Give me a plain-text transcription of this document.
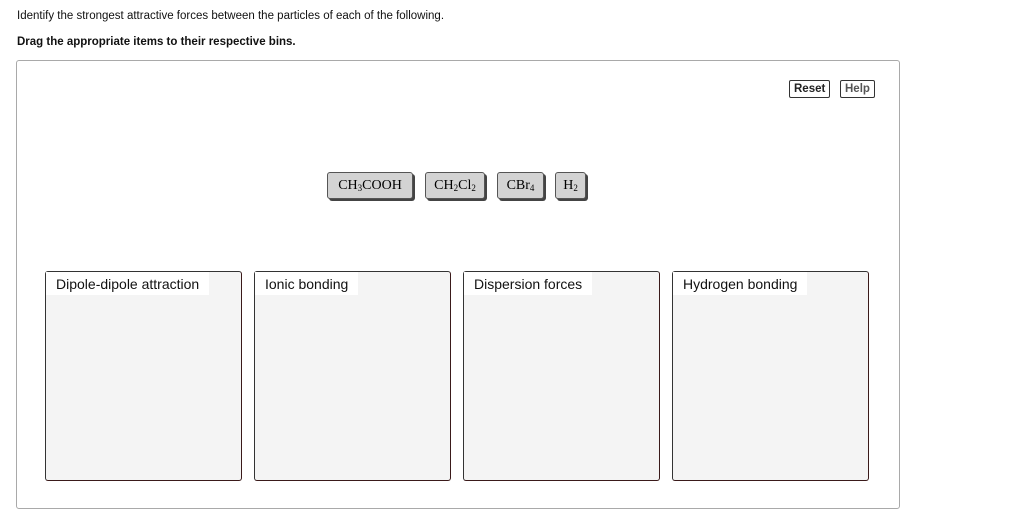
Identify the strongest attractive forces between the particles of each of the following.
Drag the appropriate items to their respective bins.
Reset	Help
$CH_3COOH$	$CH_2Cl_2$	CBr$_4$	$H_2$
Dipole-dipole attraction	Ionic bonding	Dispersion forces	Hydrogen bonding
